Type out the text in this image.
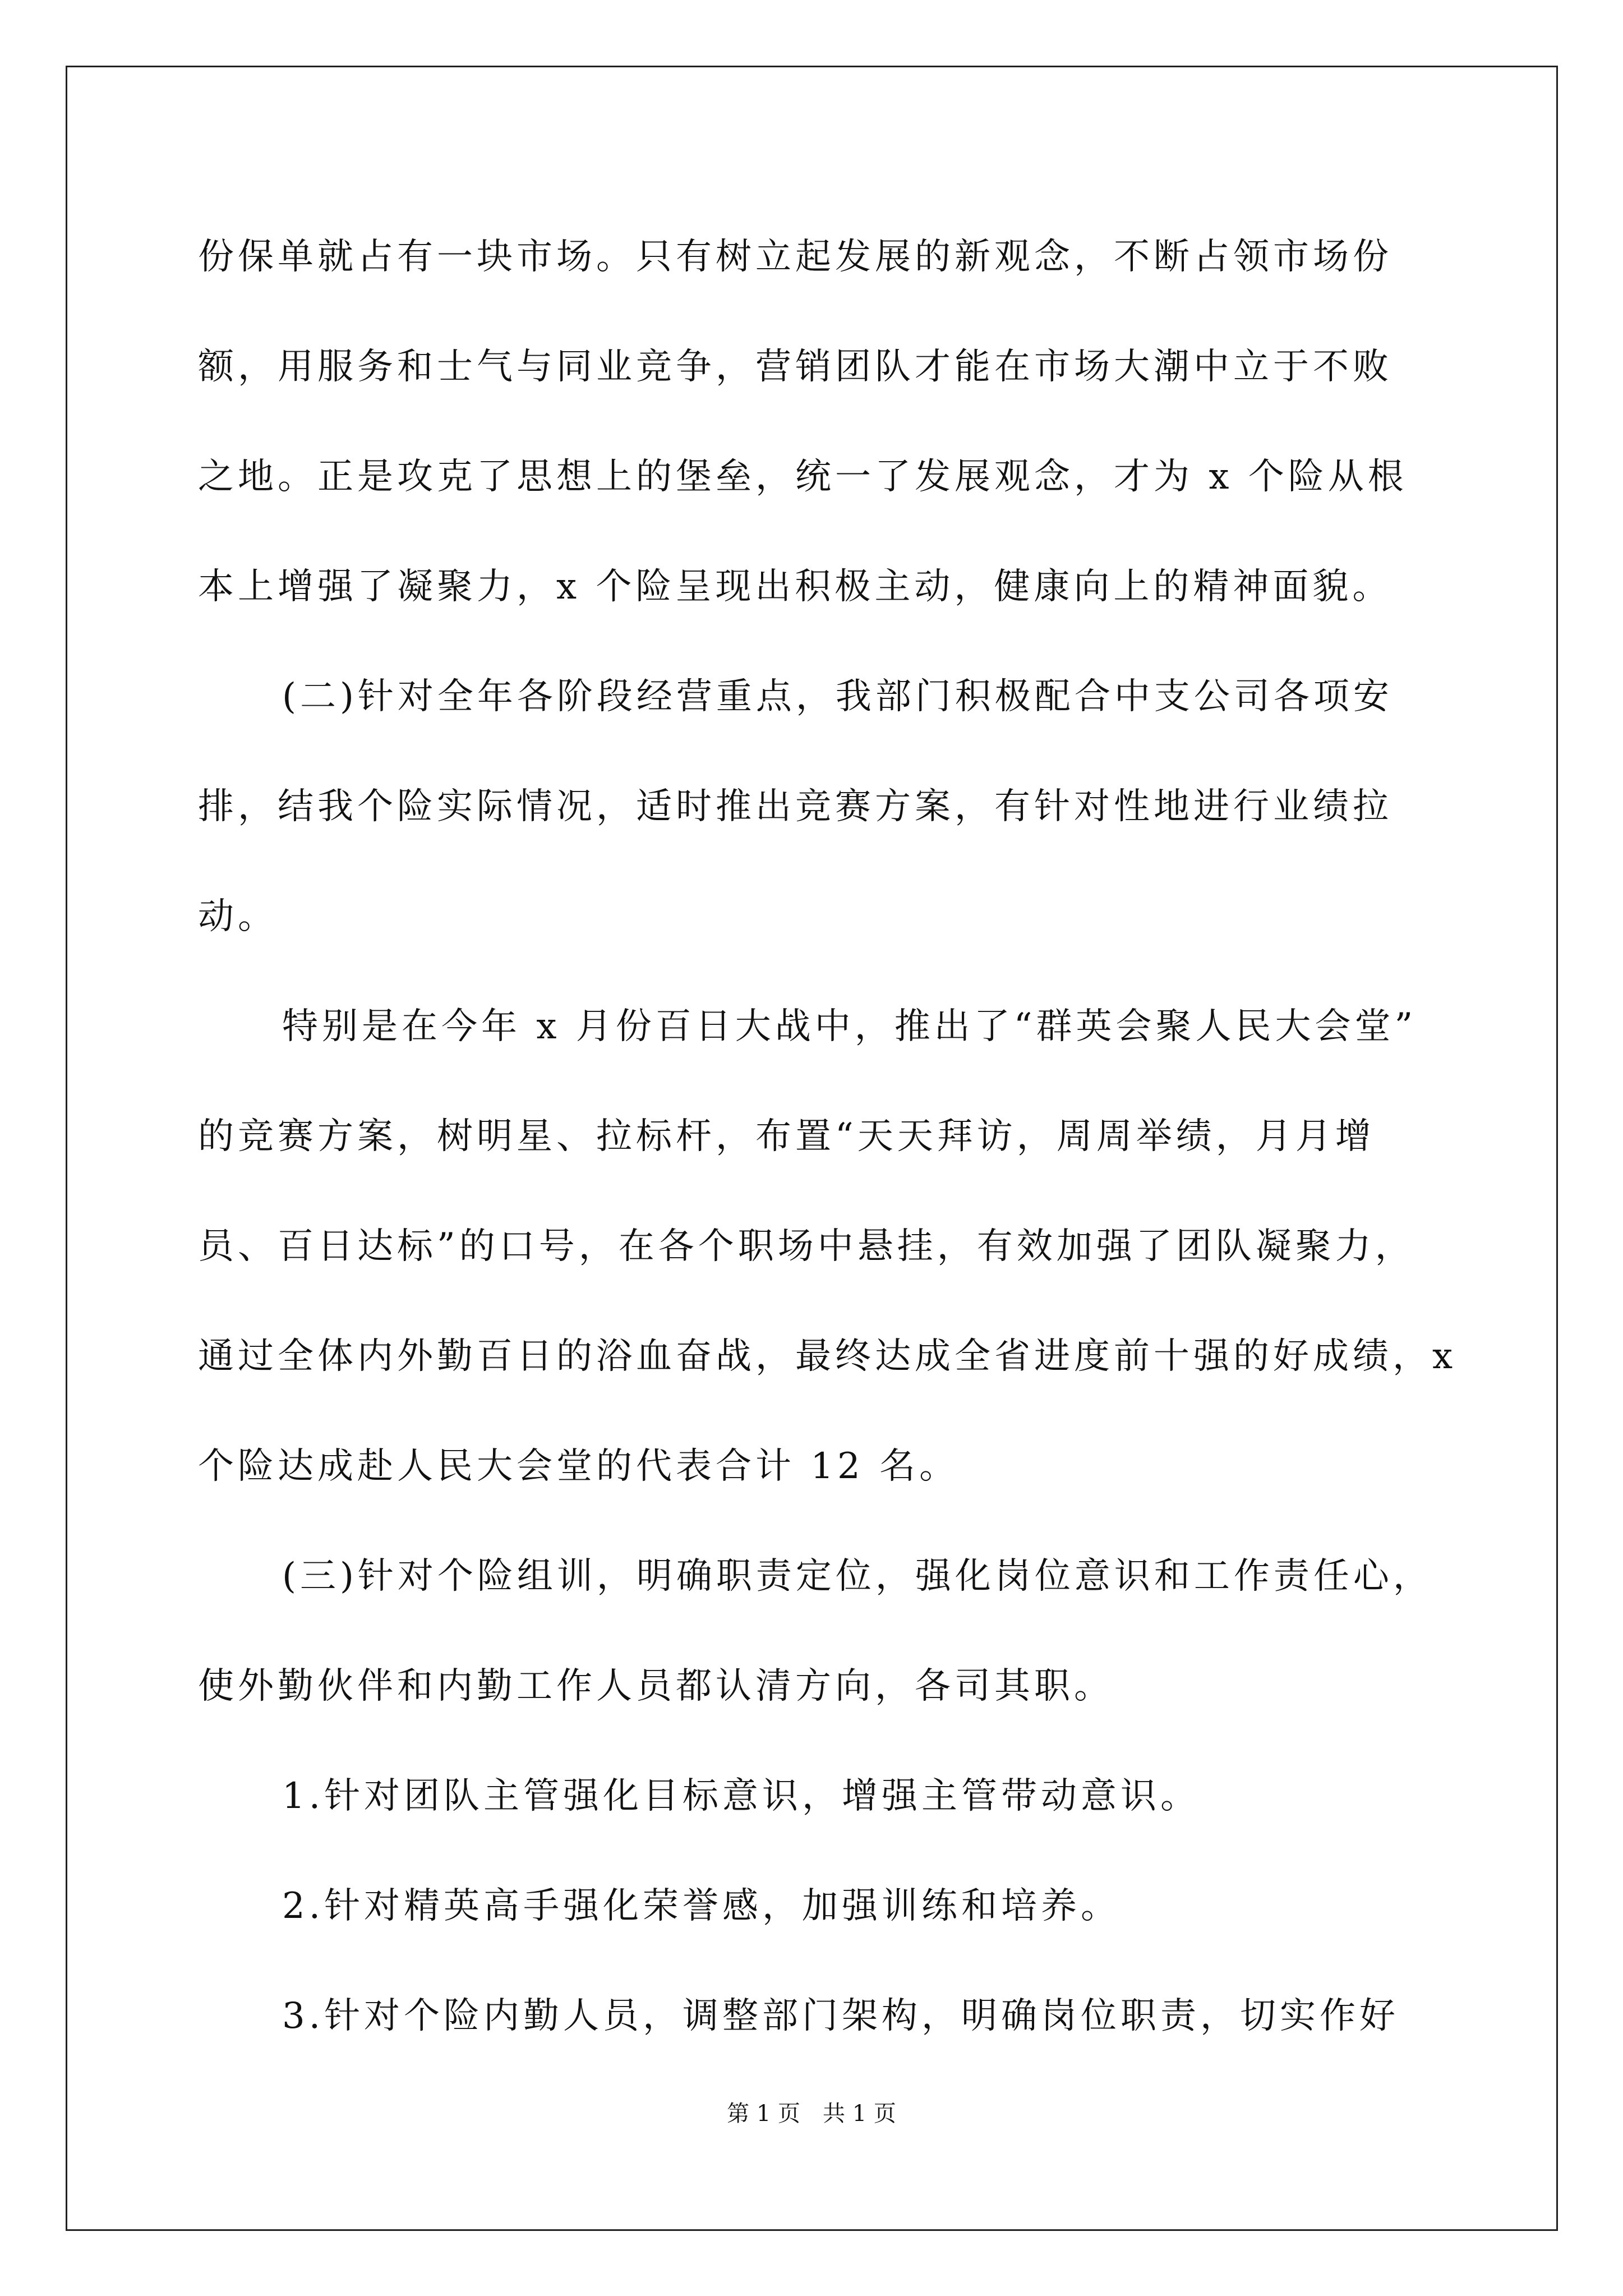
份保单就占有一块市场。只有树立起发展的新观念，不断占领市场份
额，用服务和士气与同业竞争，营销团队才能在市场大潮中立于不败
之地。正是攻克了思想上的堡垒，统一了发展观念，才为 x 个险从根
本上增强了凝聚力，x 个险呈现出积极主动，健康向上的精神面貌。
(二)针对全年各阶段经营重点，我部门积极配合中支公司各项安
排，结我个险实际情况，适时推出竞赛方案，有针对性地进行业绩拉
动。
特别是在今年 x 月份百日大战中，推出了“群英会聚人民大会堂”
的竞赛方案，树明星、拉标杆，布置“天天拜访，周周举绩，月月增
员、百日达标”的口号，在各个职场中悬挂，有效加强了团队凝聚力，
通过全体内外勤百日的浴血奋战，最终达成全省进度前十强的好成绩，x
个险达成赴人民大会堂的代表合计 12 名。
(三)针对个险组训，明确职责定位，强化岗位意识和工作责任心，
使外勤伙伴和内勤工作人员都认清方向，各司其职。
1.针对团队主管强化目标意识，增强主管带动意识。
2.针对精英高手强化荣誉感，加强训练和培养。
3.针对个险内勤人员，调整部门架构，明确岗位职责，切实作好
第 1 页　共 1 页
